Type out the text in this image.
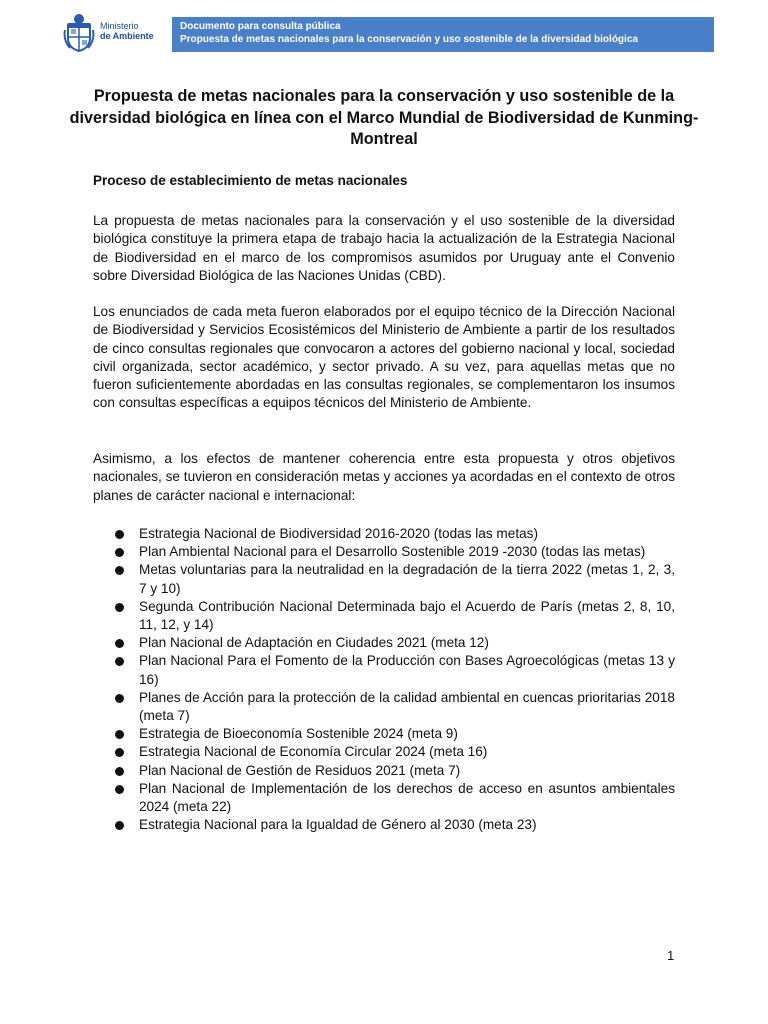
Ministerio
de Ambiente
Documento para consulta pública
Propuesta de metas nacionales para la conservación y uso sostenible de la diversidad biológica
Propuesta de metas nacionales para la conservación y uso sostenible de la diversidad biológica en línea con el Marco Mundial de Biodiversidad de Kunming-Montreal
Proceso de establecimiento de metas nacionales

La propuesta de metas nacionales para la conservación y el uso sostenible de la diversidad biológica constituye la primera etapa de trabajo hacia la actualización de la Estrategia Nacional de Biodiversidad en el marco de los compromisos asumidos por Uruguay ante el Convenio sobre Diversidad Biológica de las Naciones Unidas (CBD).

Los enunciados de cada meta fueron elaborados por el equipo técnico de la Dirección Nacional de Biodiversidad y Servicios Ecosistémicos del Ministerio de Ambiente a partir de los resultados de cinco consultas regionales que convocaron a actores del gobierno nacional y local, sociedad civil organizada, sector académico, y sector privado. A su vez, para aquellas metas que no fueron suficientemente abordadas en las consultas regionales, se complementaron los insumos con consultas específicas a equipos técnicos del Ministerio de Ambiente.

Asimismo, a los efectos de mantener coherencia entre esta propuesta y otros objetivos nacionales, se tuvieron en consideración metas y acciones ya acordadas en el contexto de otros planes de carácter nacional e internacional:

Estrategia Nacional de Biodiversidad 2016-2020 (todas las metas)
Plan Ambiental Nacional para el Desarrollo Sostenible 2019 -2030 (todas las metas)
Metas voluntarias para la neutralidad en la degradación de la tierra 2022 (metas 1, 2, 3, 7 y 10)
Segunda Contribución Nacional Determinada bajo el Acuerdo de París (metas 2, 8, 10, 11, 12, y 14)
Plan Nacional de Adaptación en Ciudades 2021 (meta 12)
Plan Nacional Para el Fomento de la Producción con Bases Agroecológicas (metas 13 y 16)
Planes de Acción para la protección de la calidad ambiental en cuencas prioritarias 2018 (meta 7)
Estrategia de Bioeconomía Sostenible 2024 (meta 9)
Estrategia Nacional de Economía Circular 2024 (meta 16)
Plan Nacional de Gestión de Residuos 2021 (meta 7)
Plan Nacional de Implementación de los derechos de acceso en asuntos ambientales 2024 (meta 22)
Estrategia Nacional para la Igualdad de Género al 2030 (meta 23)
1
